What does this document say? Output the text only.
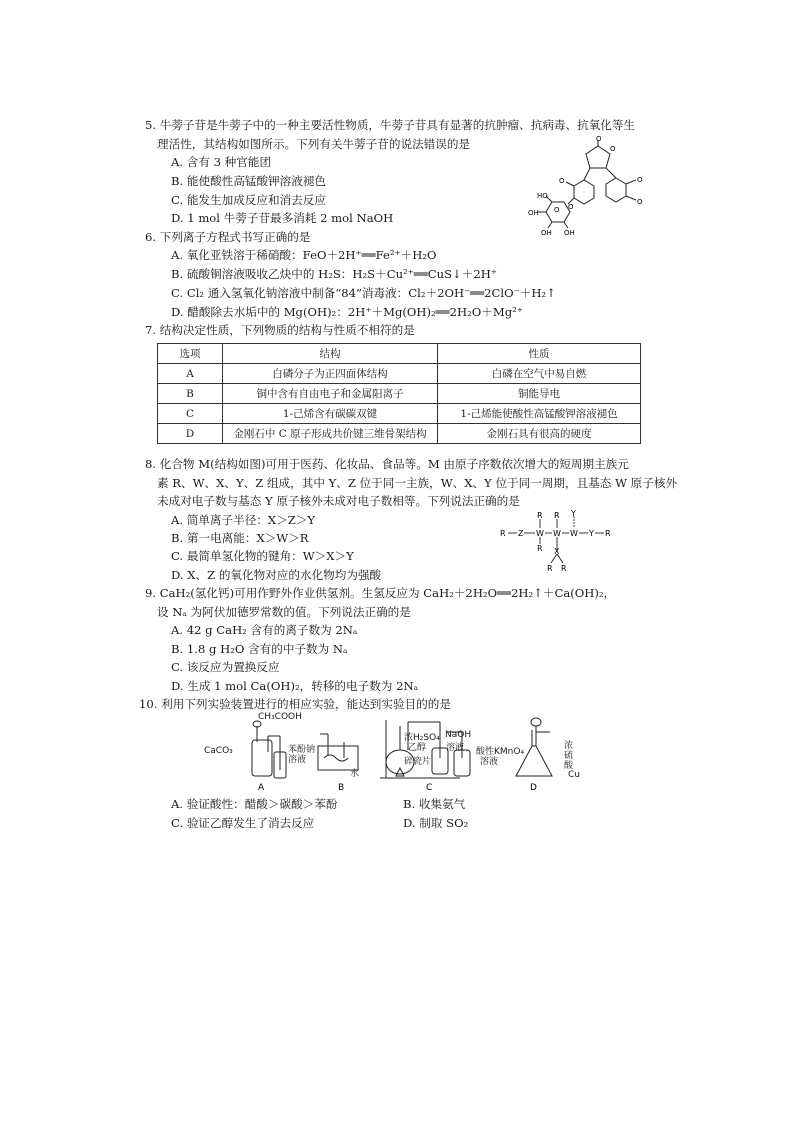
5. 牛蒡子苷是牛蒡子中的一种主要活性物质，牛蒡子苷具有显著的抗肿瘤、抗病毒、抗氧化等生
理活性，其结构如图所示。下列有关牛蒡子苷的说法错误的是
A. 含有 3 种官能团
B. 能使酸性高锰酸钾溶液褪色
C. 能发生加成反应和消去反应
D. 1 mol 牛蒡子苷最多消耗 2 mol NaOH
O
O
O
O
O
HO
OH
OH OH
O
O
6. 下列离子方程式书写正确的是
A. 氧化亚铁溶于稀硝酸：FeO＋2H⁺══Fe²⁺＋H₂O
B. 硫酸铜溶液吸收乙炔中的 H₂S：H₂S＋Cu²⁺══CuS↓＋2H⁺
C. Cl₂ 通入氢氧化钠溶液中制备“84”消毒液：Cl₂＋2OH⁻══2ClO⁻＋H₂↑
D. 醋酸除去水垢中的 Mg(OH)₂：2H⁺＋Mg(OH)₂══2H₂O＋Mg²⁺
7. 结构决定性质，下列物质的结构与性质不相符的是
选项	结构	性质
A	白磷分子为正四面体结构	白磷在空气中易自燃
B	铜中含有自由电子和金属阳离子	铜能导电
C	1-己烯含有碳碳双键	1-己烯能使酸性高锰酸钾溶液褪色
D	金刚石中 C 原子形成共价键三维骨架结构	金刚石具有很高的硬度
8. 化合物 M(结构如图)可用于医药、化妆品、食品等。M 由原子序数依次增大的短周期主族元
素 R、W、X、Y、Z 组成，其中 Y、Z 位于同一主族，W、X、Y 位于同一周期，且基态 W 原子核外
未成对电子数与基态 Y 原子核外未成对电子数相等。下列说法正确的是
A. 简单离子半径：X＞Z＞Y
B. 第一电离能：X＞W＞R
C. 最简单氢化物的键角：W＞X＞Y
D. X、Z 的氧化物对应的水化物均为强酸
R R Y
R Z W W W Y R
R X
R R
9. CaH₂(氢化钙)可用作野外作业供氢剂。生氢反应为 CaH₂＋2H₂O══2H₂↑＋Ca(OH)₂，
设 Nₐ 为阿伏加德罗常数的值。下列说法正确的是
A. 42 g CaH₂ 含有的离子数为 2Nₐ
B. 1.8 g H₂O 含有的中子数为 Nₐ
C. 该反应为置换反应
D. 生成 1 mol Ca(OH)₂，转移的电子数为 2Nₐ
10. 利用下列实验装置进行的相应实验，能达到实验目的的是
A	B	C	D
CH₃COOH
CaCO₃	苯酚钠
溶液
水
浓H₂SO₄
乙醇
碎瓷片
NaOH
溶液 酸性KMnO₄
溶液
浓
硫
酸
Cu
A. 验证酸性：醋酸＞碳酸＞苯酚	B. 收集氨气
C. 验证乙醇发生了消去反应	D. 制取 SO₂
